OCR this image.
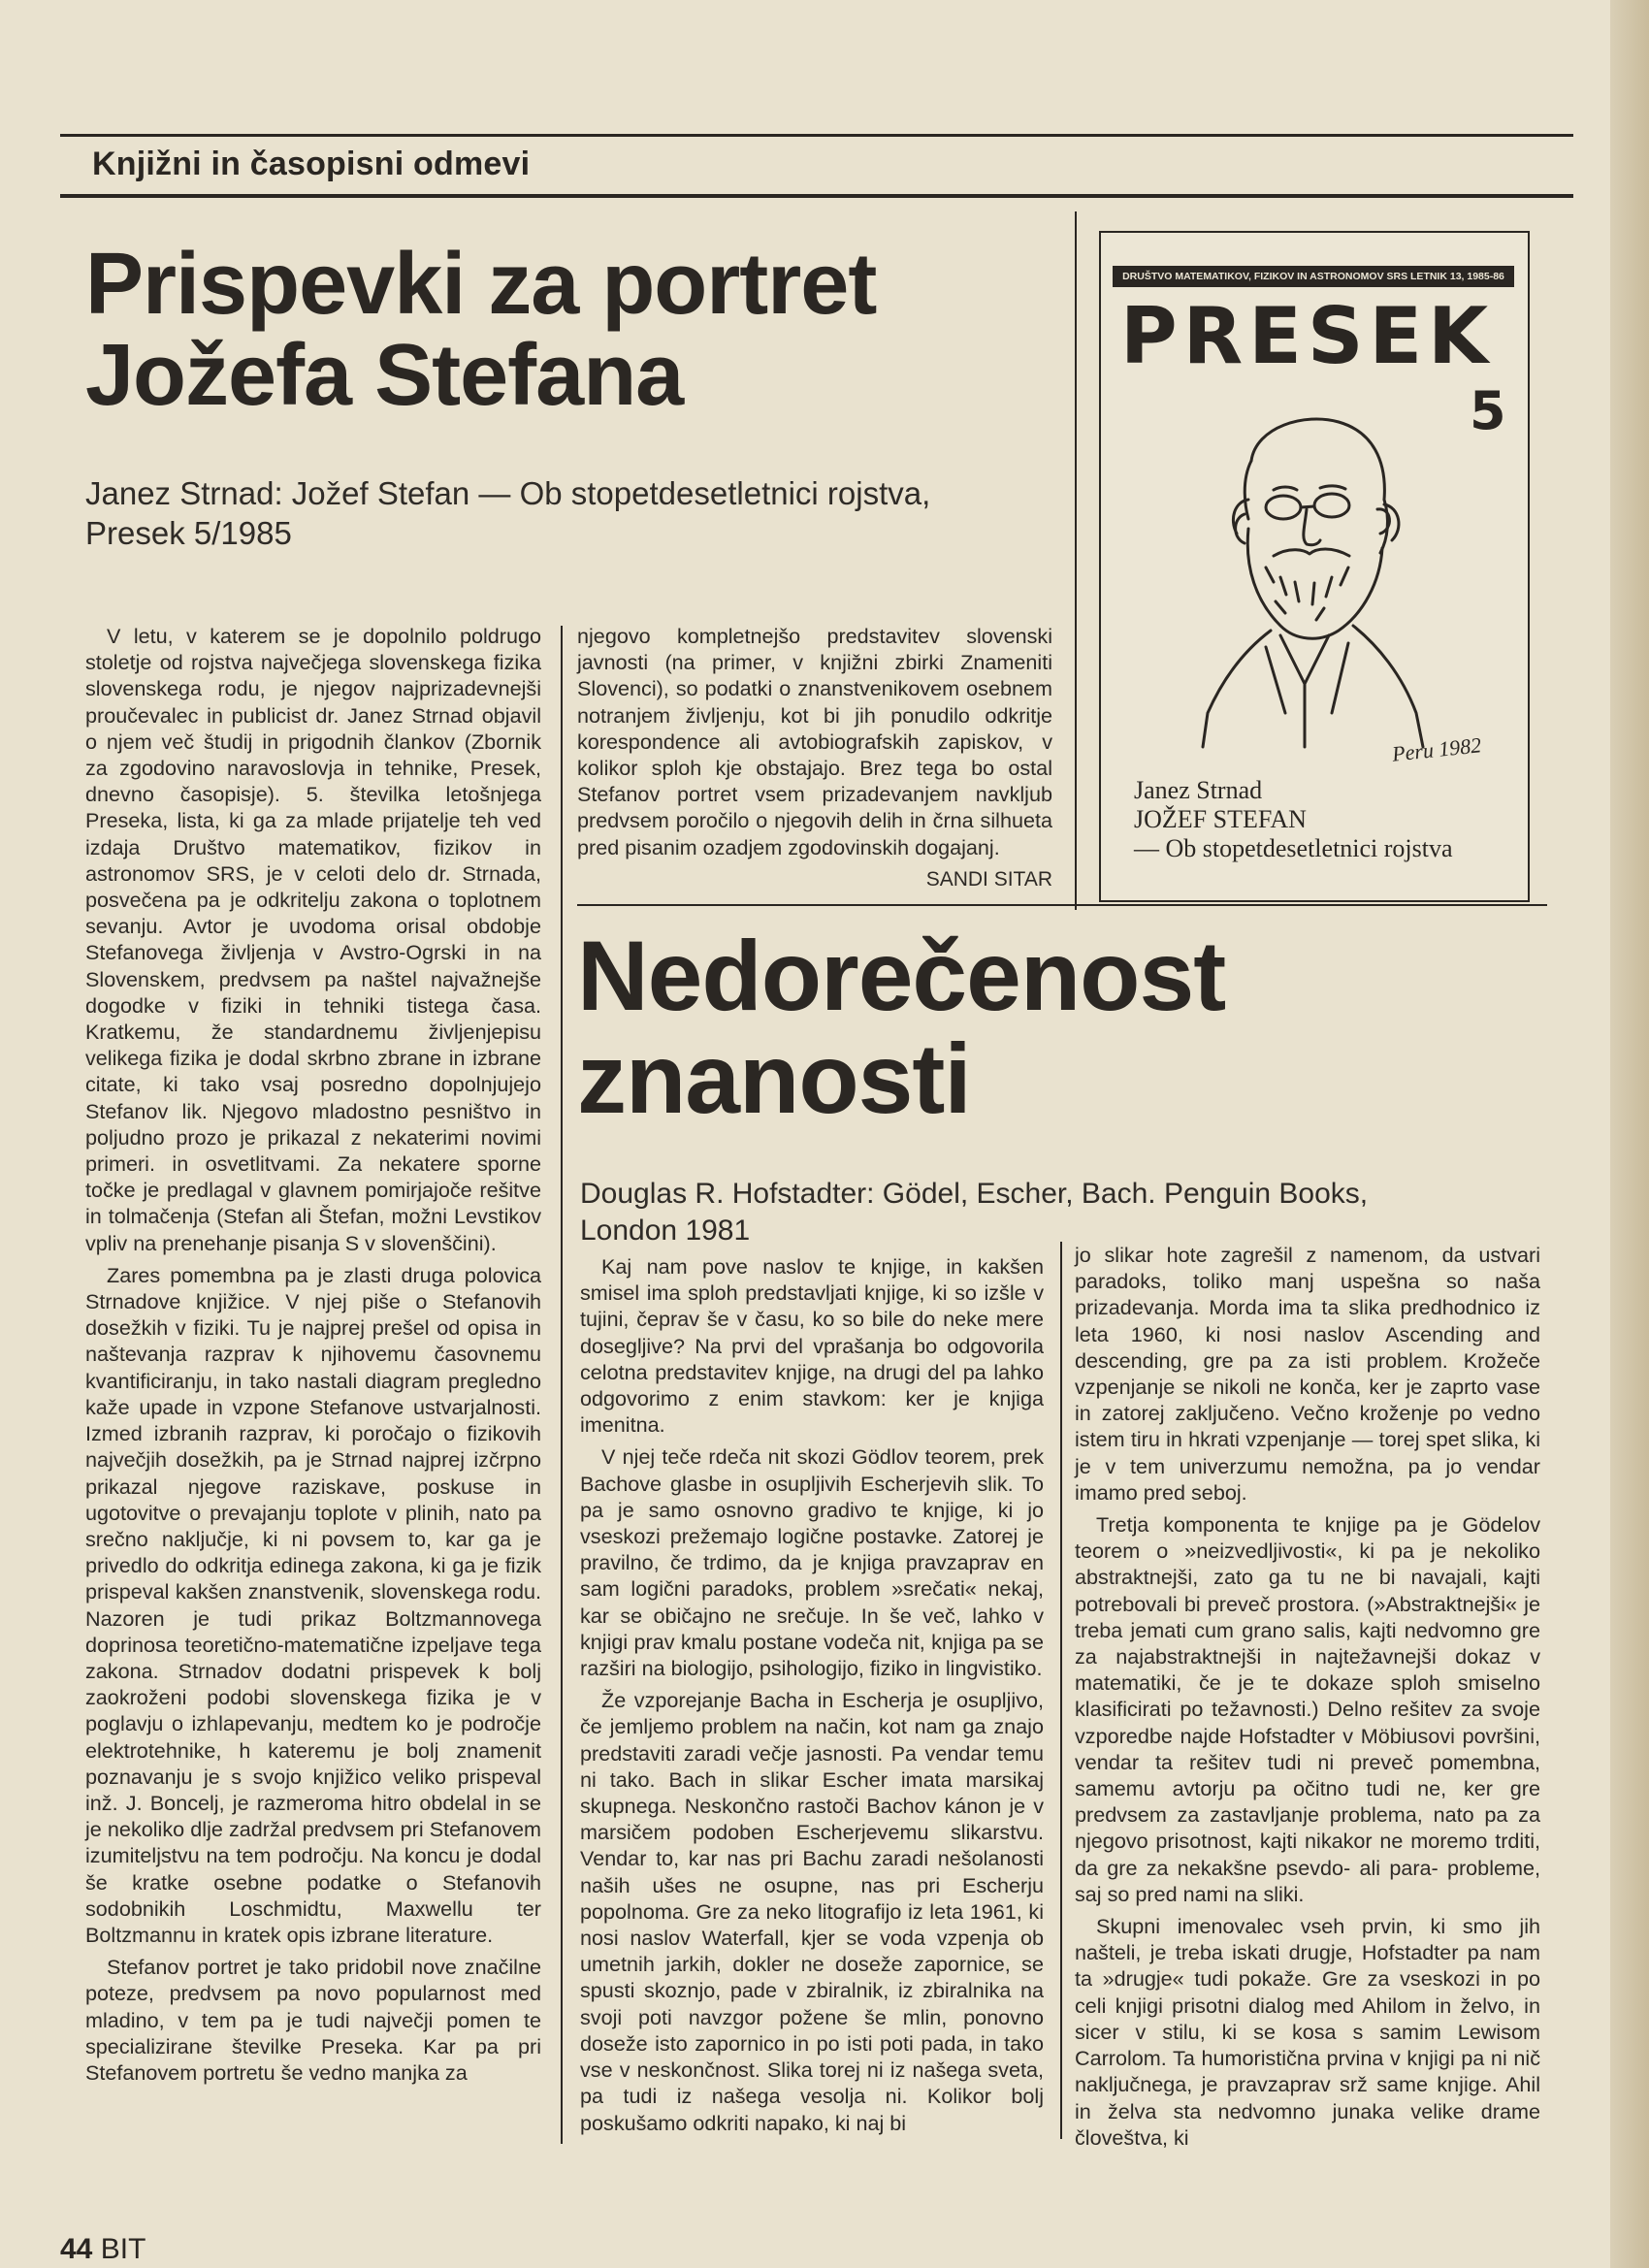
Knjižni in časopisni odmevi
Prispevki za portret
Jožefa Stefana
Janez Strnad: Jožef Stefan — Ob stopetdesetletnici rojstva,
Presek 5/1985

V letu, v katerem se je dopolnilo poldrugo stoletje od rojstva največjega slovenskega fizika slovenskega rodu, je njegov najprizadevnejši proučevalec in publicist dr. Janez Strnad objavil o njem več študij in prigodnih člankov (Zbornik za zgodovino naravoslovja in tehnike, Presek, dnevno časopisje). 5. številka letošnjega Preseka, lista, ki ga za mlade prijatelje teh ved izdaja Društvo matematikov, fizikov in astronomov SRS, je v celoti delo dr. Strnada, posvečena pa je odkritelju zakona o toplotnem sevanju. Avtor je uvodoma orisal obdobje Stefanovega življenja v Avstro-Ogrski in na Slovenskem, predvsem pa naštel najvažnejše dogodke v fiziki in tehniki tistega časa. Kratkemu, že standardnemu življenjepisu velikega fizika je dodal skrbno zbrane in izbrane citate, ki tako vsaj posredno dopolnjujejo Stefanov lik. Njegovo mladostno pesništvo in poljudno prozo je prikazal z nekaterimi novimi primeri. in osvetlitvami. Za nekatere sporne točke je predlagal v glavnem pomirjajoče rešitve in tolmačenja (Stefan ali Štefan, možni Levstikov vpliv na prenehanje pisanja S v slovenščini).

Zares pomembna pa je zlasti druga polovica Strnadove knjižice. V njej piše o Stefanovih dosežkih v fiziki. Tu je najprej prešel od opisa in naštevanja razprav k njihovemu časovnemu kvantificiranju, in tako nastali diagram pregledno kaže upade in vzpone Stefanove ustvarjalnosti. Izmed izbranih razprav, ki poročajo o fizikovih največjih dosežkih, pa je Strnad najprej izčrpno prikazal njegove raziskave, poskuse in ugotovitve o prevajanju toplote v plinih, nato pa srečno naključje, ki ni povsem to, kar ga je privedlo do odkritja edinega zakona, ki ga je fizik prispeval kakšen znanstvenik, slovenskega rodu. Nazoren je tudi prikaz Boltzmannovega doprinosa teoretično-matematične izpeljave tega zakona. Strnadov dodatni prispevek k bolj zaokroženi podobi slovenskega fizika je v poglavju o izhlapevanju, medtem ko je področje elektrotehnike, h kateremu je bolj znamenit poznavanju je s svojo knjižico veliko prispeval inž. J. Boncelj, je razmeroma hitro obdelal in se je nekoliko dlje zadržal predvsem pri Stefanovem izumiteljstvu na tem področju. Na koncu je dodal še kratke osebne podatke o Stefanovih sodobnikih Loschmidtu, Maxwellu ter Boltzmannu in kratek opis izbrane literature.

Stefanov portret je tako pridobil nove značilne poteze, predvsem pa novo popularnost med mladino, v tem pa je tudi največji pomen te specializirane številke Preseka. Kar pa pri Stefanovem portretu še vedno manjka za

njegovo kompletnejšo predstavitev slovenski javnosti (na primer, v knjižni zbirki Znameniti Slovenci), so podatki o znanstvenikovem osebnem notranjem življenju, kot bi jih ponudilo odkritje korespondence ali avtobiografskih zapiskov, v kolikor sploh kje obstajajo. Brez tega bo ostal Stefanov portret vsem prizadevanjem navkljub predvsem poročilo o njegovih delih in črna silhueta pred pisanim ozadjem zgodovinskih dogajanj.

SANDI SITAR
DRUŠTVO MATEMATIKOV, FIZIKOV IN ASTRONOMOV SRS LETNIK 13, 1985-86
PRESEK
5
Peru 1982
Janez Strnad
JOŽEF STEFAN
— Ob stopetdesetletnici rojstva
Nedorečenost
znanosti
Douglas R. Hofstadter: Gödel, Escher, Bach. Penguin Books,
London 1981

Kaj nam pove naslov te knjige, in kakšen smisel ima sploh predstavljati knjige, ki so izšle v tujini, čeprav še v času, ko so bile do neke mere dosegljive? Na prvi del vprašanja bo odgovorila celotna predstavitev knjige, na drugi del pa lahko odgovorimo z enim stavkom: ker je knjiga imenitna.

V njej teče rdeča nit skozi Gödlov teorem, prek Bachove glasbe in osupljivih Escherjevih slik. To pa je samo osnovno gradivo te knjige, ki jo vseskozi prežemajo logične postavke. Zatorej je pravilno, če trdimo, da je knjiga pravzaprav en sam logični paradoks, problem »srečati« nekaj, kar se običajno ne srečuje. In še več, lahko v knjigi prav kmalu postane vodeča nit, knjiga pa se razširi na biologijo, psihologijo, fiziko in lingvistiko.

Že vzporejanje Bacha in Escherja je osupljivo, če jemljemo problem na način, kot nam ga znajo predstaviti zaradi večje jasnosti. Pa vendar temu ni tako. Bach in slikar Escher imata marsikaj skupnega. Neskončno rastoči Bachov kánon je v marsičem podoben Escherjevemu slikarstvu. Vendar to, kar nas pri Bachu zaradi nešolanosti naših ušes ne osupne, nas pri Escherju popolnoma. Gre za neko litografijo iz leta 1961, ki nosi naslov Waterfall, kjer se voda vzpenja ob umetnih jarkih, dokler ne doseže zapornice, se spusti skoznjo, pade v zbiralnik, iz zbiralnika na svoji poti navzgor požene še mlin, ponovno doseže isto zapornico in po isti poti pada, in tako vse v neskončnost. Slika torej ni iz našega sveta, pa tudi iz našega vesolja ni. Kolikor bolj poskušamo odkriti napako, ki naj bi

jo slikar hote zagrešil z namenom, da ustvari paradoks, toliko manj uspešna so naša prizadevanja. Morda ima ta slika predhodnico iz leta 1960, ki nosi naslov Ascending and descending, gre pa za isti problem. Krožeče vzpenjanje se nikoli ne konča, ker je zaprto vase in zatorej zaključeno. Večno kroženje po vedno istem tiru in hkrati vzpenjanje — torej spet slika, ki je v tem univerzumu nemožna, pa jo vendar imamo pred seboj.

Tretja komponenta te knjige pa je Gödelov teorem o »neizvedljivosti«, ki pa je nekoliko abstraktnejši, zato ga tu ne bi navajali, kajti potrebovali bi preveč prostora. (»Abstraktnejši« je treba jemati cum grano salis, kajti nedvomno gre za najabstraktnejši in najtežavnejši dokaz v matematiki, če je te dokaze sploh smiselno klasificirati po težavnosti.) Delno rešitev za svoje vzporedbe najde Hofstadter v Möbiusovi površini, vendar ta rešitev tudi ni preveč pomembna, samemu avtorju pa očitno tudi ne, ker gre predvsem za zastavljanje problema, nato pa za njegovo prisotnost, kajti nikakor ne moremo trditi, da gre za nekakšne psevdo- ali para- probleme, saj so pred nami na sliki.

Skupni imenovalec vseh prvin, ki smo jih našteli, je treba iskati drugje, Hofstadter pa nam ta »drugje« tudi pokaže. Gre za vseskozi in po celi knjigi prisotni dialog med Ahilom in želvo, in sicer v stilu, ki se kosa s samim Lewisom Carrolom. Ta humoristična prvina v knjigi pa ni nič naključnega, je pravzaprav srž same knjige. Ahil in želva sta nedvomno junaka velike drame človeštva, ki

44 BIT
